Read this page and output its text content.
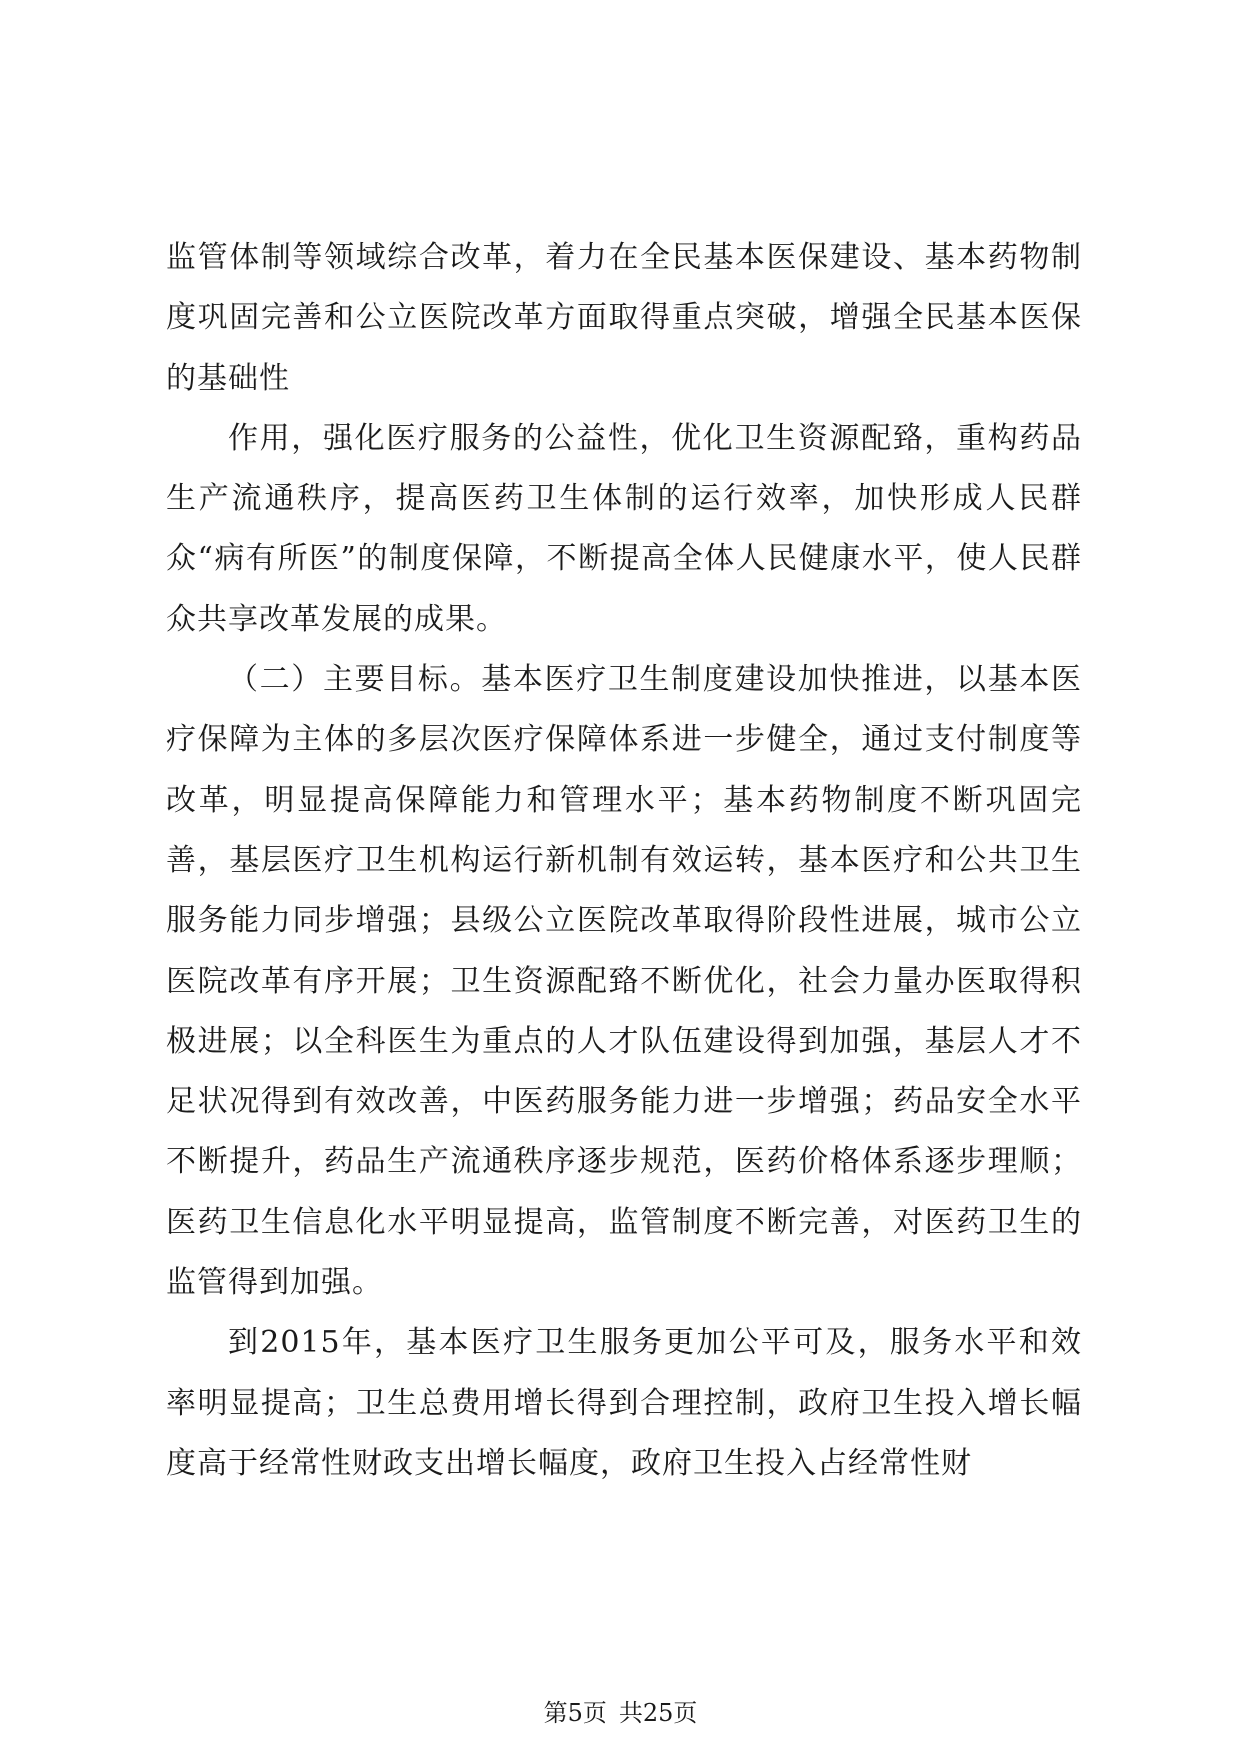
监管体制等领域综合改革，着力在全民基本医保建设、基本药物制度巩固完善和公立医院改革方面取得重点突破，增强全民基本医保的基础性

作用，强化医疗服务的公益性，优化卫生资源配臵，重构药品生产流通秩序，提高医药卫生体制的运行效率，加快形成人民群众“病有所医”的制度保障，不断提高全体人民健康水平，使人民群众共享改革发展的成果。

（二）主要目标。基本医疗卫生制度建设加快推进，以基本医疗保障为主体的多层次医疗保障体系进一步健全，通过支付制度等改革，明显提高保障能力和管理水平；基本药物制度不断巩固完善，基层医疗卫生机构运行新机制有效运转，基本医疗和公共卫生服务能力同步增强；县级公立医院改革取得阶段性进展，城市公立医院改革有序开展；卫生资源配臵不断优化，社会力量办医取得积极进展；以全科医生为重点的人才队伍建设得到加强，基层人才不足状况得到有效改善，中医药服务能力进一步增强；药品安全水平不断提升，药品生产流通秩序逐步规范，医药价格体系逐步理顺；医药卫生信息化水平明显提高，监管制度不断完善，对医药卫生的监管得到加强。

到2015年，基本医疗卫生服务更加公平可及，服务水平和效率明显提高；卫生总费用增长得到合理控制，政府卫生投入增长幅度高于经常性财政支出增长幅度，政府卫生投入占经常性财

第5页 共25页
